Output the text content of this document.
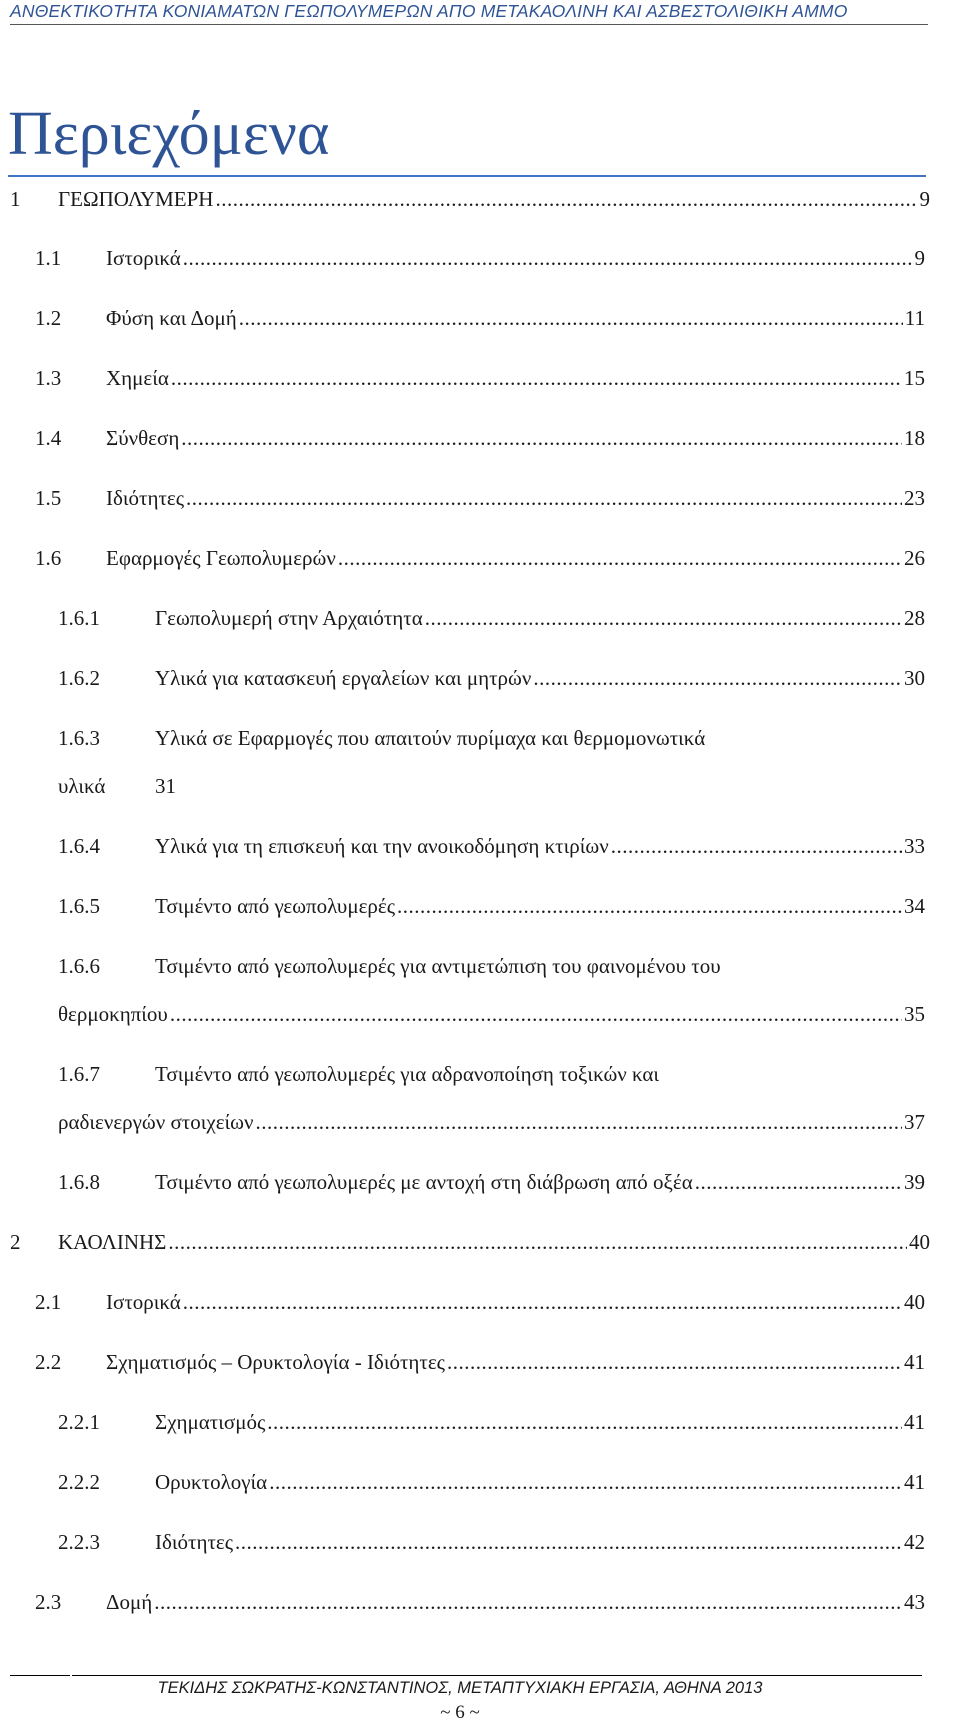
ΑΝΘΕΚΤΙΚΟΤΗΤΑ ΚΟΝΙΑΜΑΤΩΝ ΓΕΩΠΟΛΥΜΕΡΩΝ ΑΠΟ ΜΕΤΑΚΑΟΛΙΝΗ ΚΑΙ ΑΣΒΕΣΤΟΛΙΘΙΚΗ ΑΜΜΟ
Περιεχόμενα
1	ΓΕΩΠΟΛΥΜΕΡΗ .....	9
1.1	Ιστορικά .....	9
1.2	Φύση και Δομή .....	11
1.3	Χημεία .....	15
1.4	Σύνθεση .....	18
1.5	Ιδιότητες .....	23
1.6	Εφαρμογές Γεωπολυμερών .....	26
1.6.1	Γεωπολυμερή στην Αρχαιότητα .....	28
1.6.2	Υλικά για κατασκευή εργαλείων και μητρών .....	30
1.6.3	Υλικά σε Εφαρμογές που απαιτούν πυρίμαχα και θερμομονωτικά
υλικά 31
1.6.4	Υλικά για τη επισκευή και την ανοικοδόμηση κτιρίων .....	33
1.6.5	Τσιμέντο από γεωπολυμερές .....	34
1.6.6	Τσιμέντο από γεωπολυμερές για αντιμετώπιση του φαινομένου του
θερμοκηπίου .....	35
1.6.7	Τσιμέντο από γεωπολυμερές για αδρανοποίηση τοξικών και
ραδιενεργών στοιχείων .....	37
1.6.8	Τσιμέντο από γεωπολυμερές με αντοχή στη διάβρωση από οξέα .....	39
2	ΚΑΟΛΙΝΗΣ .....	40
2.1	Ιστορικά .....	40
2.2	Σχηματισμός – Ορυκτολογία - Ιδιότητες .....	41
2.2.1	Σχηματισμός .....	41
2.2.2	Ορυκτολογία .....	41
2.2.3	Ιδιότητες .....	42
2.3	Δομή .....	43
ΤΕΚΙΔΗΣ ΣΩΚΡΑΤΗΣ-ΚΩΝΣΤΑΝΤΙΝΟΣ, ΜΕΤΑΠΤΥΧΙΑΚΗ ΕΡΓΑΣΙΑ, ΑΘΗΝΑ 2013
~ 6 ~
